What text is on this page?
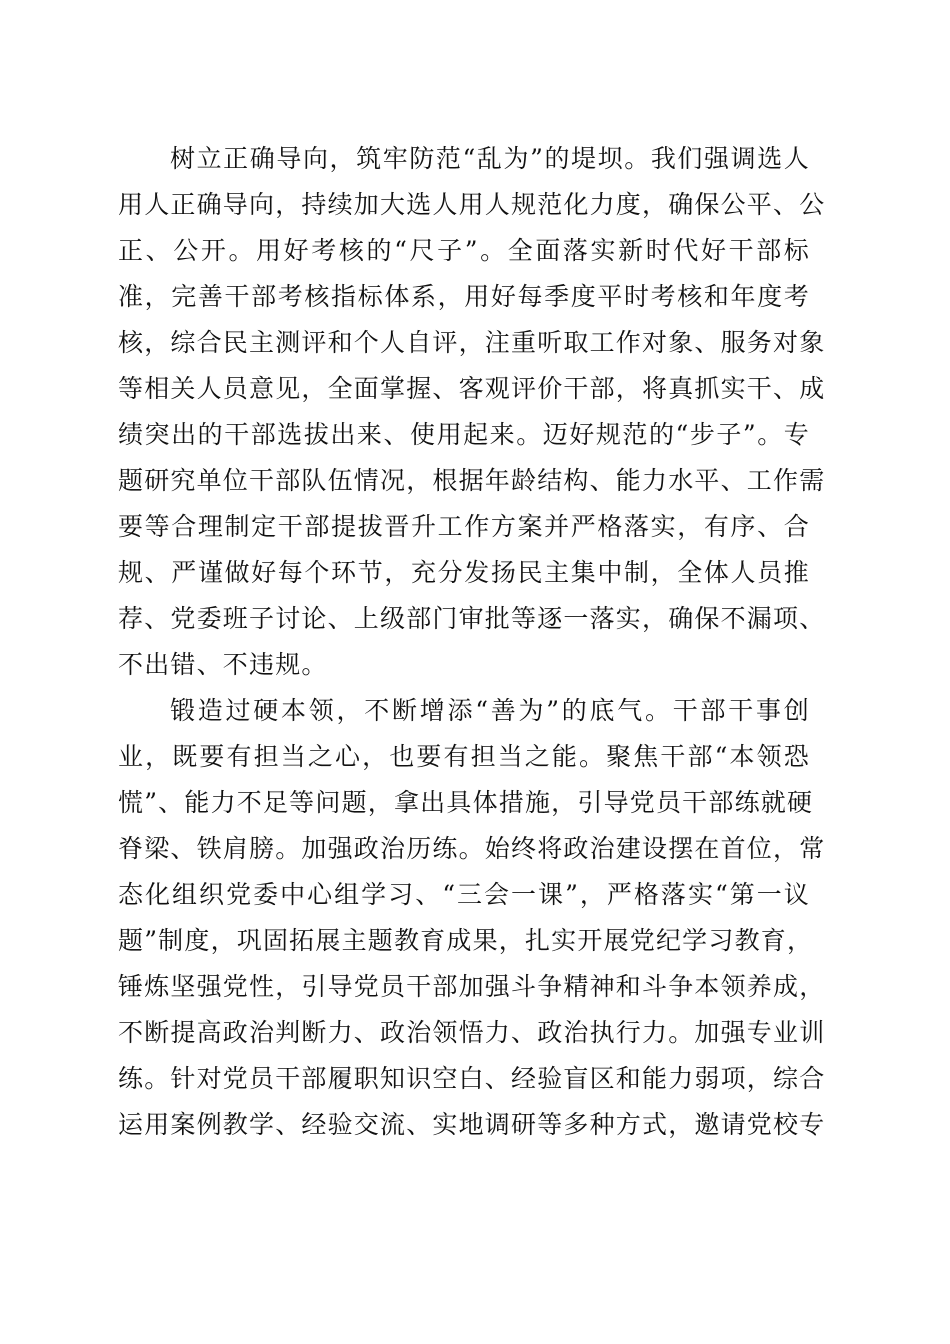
树立正确导向，筑牢防范“乱为”的堤坝。我们强调选人
用人正确导向，持续加大选人用人规范化力度，确保公平、公
正、公开。用好考核的“尺子”。全面落实新时代好干部标
准，完善干部考核指标体系，用好每季度平时考核和年度考
核，综合民主测评和个人自评，注重听取工作对象、服务对象
等相关人员意见，全面掌握、客观评价干部，将真抓实干、成
绩突出的干部选拔出来、使用起来。迈好规范的“步子”。专
题研究单位干部队伍情况，根据年龄结构、能力水平、工作需
要等合理制定干部提拔晋升工作方案并严格落实，有序、合
规、严谨做好每个环节，充分发扬民主集中制，全体人员推
荐、党委班子讨论、上级部门审批等逐一落实，确保不漏项、
不出错、不违规。
锻造过硬本领，不断增添“善为”的底气。干部干事创
业，既要有担当之心，也要有担当之能。聚焦干部“本领恐
慌”、能力不足等问题，拿出具体措施，引导党员干部练就硬
脊梁、铁肩膀。加强政治历练。始终将政治建设摆在首位，常
态化组织党委中心组学习、“三会一课”，严格落实“第一议
题”制度，巩固拓展主题教育成果，扎实开展党纪学习教育，
锤炼坚强党性，引导党员干部加强斗争精神和斗争本领养成，
不断提高政治判断力、政治领悟力、政治执行力。加强专业训
练。针对党员干部履职知识空白、经验盲区和能力弱项，综合
运用案例教学、经验交流、实地调研等多种方式，邀请党校专
